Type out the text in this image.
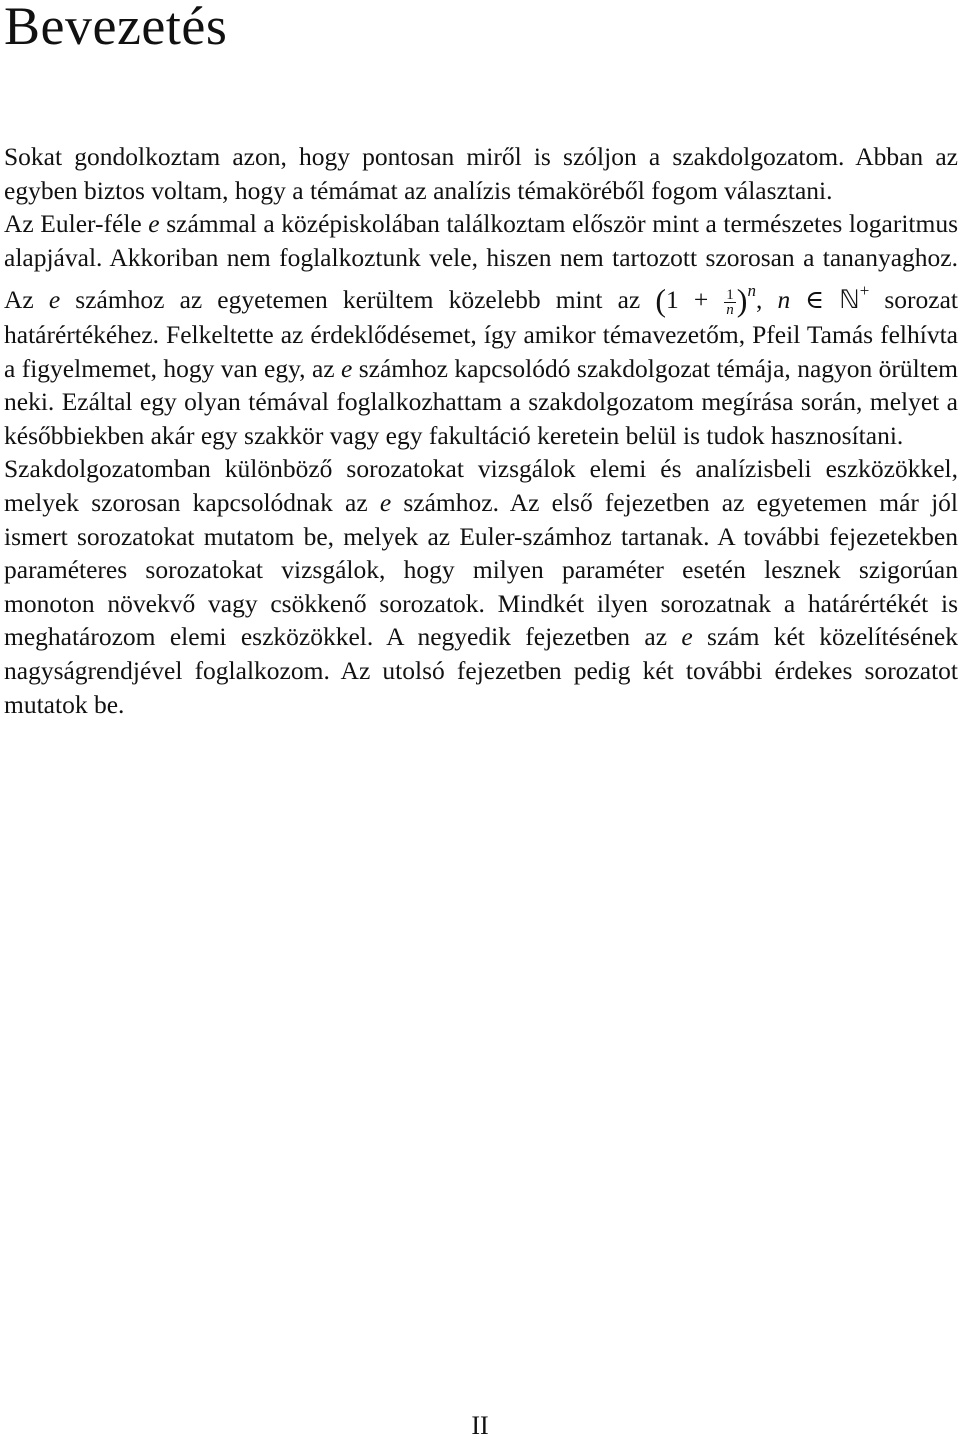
Bevezetés

Sokat gondolkoztam azon, hogy pontosan miről is szóljon a szakdolgozatom. Abban az egyben biztos voltam, hogy a témámat az analízis témaköréből fogom választani.

Az Euler-féle e számmal a középiskolában találkoztam először mint a természetes logaritmus alapjával. Akkoriban nem foglalkoztunk vele, hiszen nem tartozott szorosan a tananyaghoz. Az e számhoz az egyetemen kerültem közelebb mint az $(1 + \frac{1}{n} )^n$, n ∈ ℕ+ sorozat határértékéhez. Felkeltette az érdeklődésemet, így amikor témavezetőm, Pfeil Tamás felhívta a figyelmemet, hogy van egy, az e számhoz kapcsolódó szakdolgozat témája, nagyon örültem neki. Ezáltal egy olyan témával foglalkozhattam a szakdolgozatom megírása során, melyet a későbbiekben akár egy szakkör vagy egy fakultáció keretein belül is tudok hasznosítani.

Szakdolgozatomban különböző sorozatokat vizsgálok elemi és analízisbeli eszközökkel, melyek szorosan kapcsolódnak az e számhoz. Az első fejezetben az egyetemen már jól ismert sorozatokat mutatom be, melyek az Euler-számhoz tartanak. A további fejezetekben paraméteres sorozatokat vizsgálok, hogy milyen paraméter esetén lesznek szigorúan monoton növekvő vagy csökkenő sorozatok. Mindkét ilyen sorozatnak a határértékét is meghatározom elemi eszközökkel. A negyedik fejezetben az e szám két közelítésének nagyságrendjével foglalkozom. Az utolsó fejezetben pedig két további érdekes sorozatot mutatok be.

II
